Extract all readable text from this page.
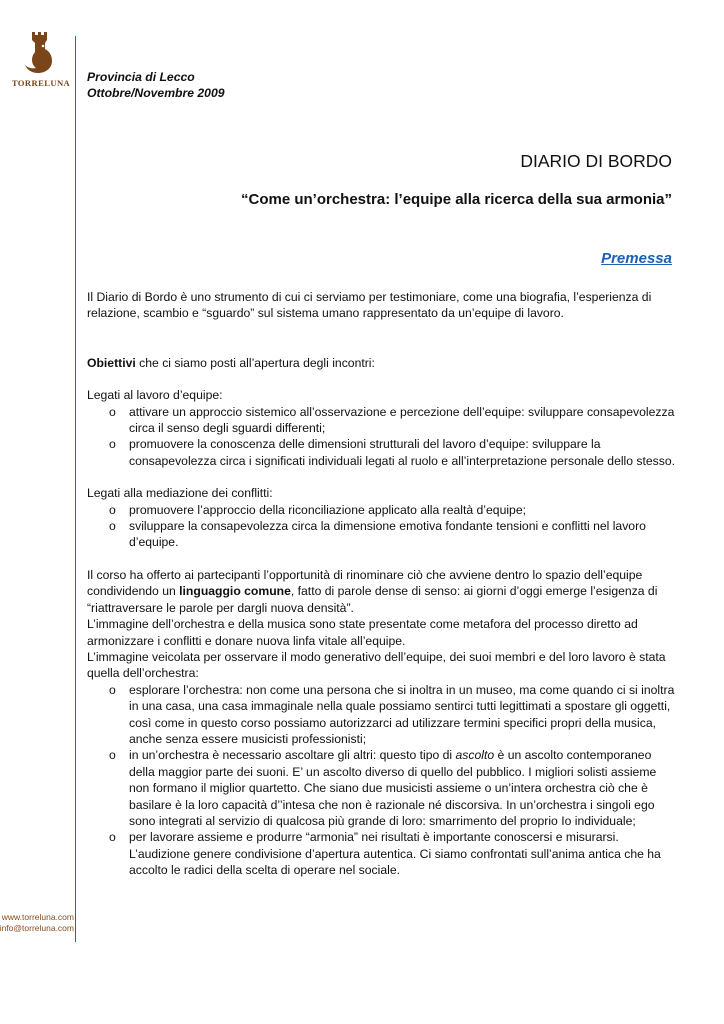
TORRELUNA
www.torreluna.com
info@torreluna.com
Provincia di Lecco
Ottobre/Novembre 2009
DIARIO DI BORDO
“Come un’orchestra: l’equipe alla ricerca della sua armonia”
Premessa

Il Diario di Bordo è uno strumento di cui ci serviamo per testimoniare, come una biografia, l’esperienza di relazione, scambio e “sguardo” sul sistema umano rappresentato da un’equipe di lavoro.

Obiettivi che ci siamo posti all’apertura degli incontri:

Legati al lavoro d’equipe:

o attivare un approccio sistemico all’osservazione e percezione dell’equipe: sviluppare consapevolezza circa il senso degli sguardi differenti;
o promuovere la conoscenza delle dimensioni strutturali del lavoro d’equipe: sviluppare la consapevolezza circa i significati individuali legati al ruolo e all’interpretazione personale dello stesso.

Legati alla mediazione dei conflitti:

o promuovere l’approccio della riconciliazione applicato alla realtà d’equipe;
o sviluppare la consapevolezza circa la dimensione emotiva fondante tensioni e conflitti nel lavoro d’equipe.

Il corso ha offerto ai partecipanti l’opportunità di rinominare ciò che avviene dentro lo spazio dell’equipe condividendo un linguaggio comune, fatto di parole dense di senso: ai giorni d’oggi emerge l’esigenza di “riattraversare le parole per dargli nuova densità”.

L’immagine dell’orchestra e della musica sono state presentate come metafora del processo diretto ad armonizzare i conflitti e donare nuova linfa vitale all’equipe.

L’immagine veicolata per osservare il modo generativo dell’equipe, dei suoi membri e del loro lavoro è stata quella dell’orchestra:

o esplorare l’orchestra: non come una persona che si inoltra in un museo, ma come quando ci si inoltra in una casa, una casa immaginale nella quale possiamo sentirci tutti legittimati a spostare gli oggetti, così come in questo corso possiamo autorizzarci ad utilizzare termini specifici propri della musica, anche senza essere musicisti professionisti;
o in un’orchestra è necessario ascoltare gli altri: questo tipo di ascolto è un ascolto contemporaneo della maggior parte dei suoni. E’ un ascolto diverso di quello del pubblico. I migliori solisti assieme non formano il miglior quartetto. Che siano due musicisti assieme o un’intera orchestra ciò che è basilare è la loro capacità d’’intesa che non è razionale né discorsiva. In un’orchestra i singoli ego sono integrati al servizio di qualcosa più grande di loro: smarrimento del proprio Io individuale;
o per lavorare assieme e produrre “armonia” nei risultati è importante conoscersi e misurarsi. L’audizione genere condivisione d’apertura autentica. Ci siamo confrontati sull’anima antica che ha accolto le radici della scelta di operare nel sociale.
